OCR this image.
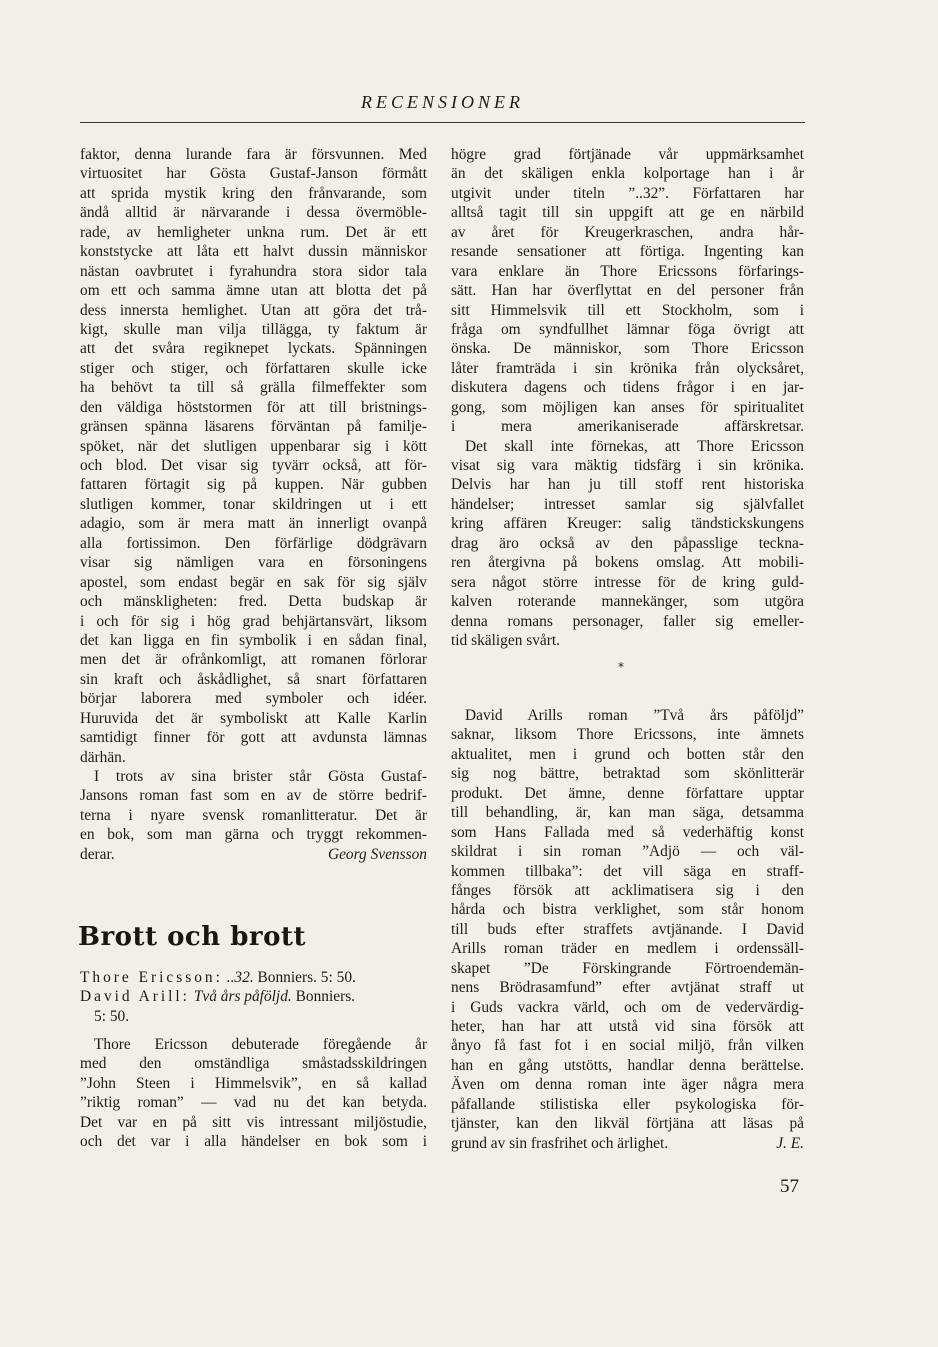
RECENSIONER
faktor, denna lurande fara är försvunnen. Med
virtuositet har Gösta Gustaf-Janson förmått
att sprida mystik kring den frånvarande, som
ändå alltid är närvarande i dessa övermöble-
rade, av hemligheter unkna rum. Det är ett
konststycke att låta ett halvt dussin människor
nästan oavbrutet i fyrahundra stora sidor tala
om ett och samma ämne utan att blotta det på
dess innersta hemlighet. Utan att göra det trå-
kigt, skulle man vilja tillägga, ty faktum är
att det svåra regiknepet lyckats. Spänningen
stiger och stiger, och författaren skulle icke
ha behövt ta till så grälla filmeffekter som
den väldiga höststormen för att till bristnings-
gränsen spänna läsarens förväntan på familje-
spöket, när det slutligen uppenbarar sig i kött
och blod. Det visar sig tyvärr också, att för-
fattaren förtagit sig på kuppen. När gubben
slutligen kommer, tonar skildringen ut i ett
adagio, som är mera matt än innerligt ovanpå
alla fortissimon. Den förfärlige dödgrävarn
visar sig nämligen vara en försoningens
apostel, som endast begär en sak för sig själv
och mänskligheten: fred. Detta budskap är
i och för sig i hög grad behjärtansvärt, liksom
det kan ligga en fin symbolik i en sådan final,
men det är ofrånkomligt, att romanen förlorar
sin kraft och åskådlighet, så snart författaren
börjar laborera med symboler och idéer.
Huruvida det är symboliskt att Kalle Karlin
samtidigt finner för gott att avdunsta lämnas
därhän.
I trots av sina brister står Gösta Gustaf-
Jansons roman fast som en av de större bedrif-
terna i nyare svensk romanlitteratur. Det är
en bok, som man gärna och tryggt rekommen-
derar.	Georg Svensson
Brott och brott
Thore Ericsson: ..32. Bonniers. 5: 50.
David Arill: Två års påföljd. Bonniers.
5: 50.
Thore Ericsson debuterade föregående år
med den omständliga småstadsskildringen
”John Steen i Himmelsvik”, en så kallad
”riktig roman” — vad nu det kan betyda.
Det var en på sitt vis intressant miljöstudie,
och det var i alla händelser en bok som i
högre grad förtjänade vår uppmärksamhet
än det skäligen enkla kolportage han i år
utgivit under titeln ”..32”. Författaren har
alltså tagit till sin uppgift att ge en närbild
av året för Kreugerkraschen, andra hår-
resande sensationer att förtiga. Ingenting kan
vara enklare än Thore Ericssons förfarings-
sätt. Han har överflyttat en del personer från
sitt Himmelsvik till ett Stockholm, som i
fråga om syndfullhet lämnar föga övrigt att
önska. De människor, som Thore Ericsson
låter framträda i sin krönika från olycksåret,
diskutera dagens och tidens frågor i en jar-
gong, som möjligen kan anses för spiritualitet
i mera amerikaniserade affärskretsar.
Det skall inte förnekas, att Thore Ericsson
visat sig vara mäktig tidsfärg i sin krönika.
Delvis har han ju till stoff rent historiska
händelser; intresset samlar sig självfallet
kring affären Kreuger: salig tändstickskungens
drag äro också av den påpasslige teckna-
ren återgivna på bokens omslag. Att mobili-
sera något större intresse för de kring guld-
kalven roterande mannekänger, som utgöra
denna romans personager, faller sig emeller-
tid skäligen svårt.
*
David Arills roman ”Två års påföljd”
saknar, liksom Thore Ericssons, inte ämnets
aktualitet, men i grund och botten står den
sig nog bättre, betraktad som skönlitterär
produkt. Det ämne, denne författare upptar
till behandling, är, kan man säga, detsamma
som Hans Fallada med så vederhäftig konst
skildrat i sin roman ”Adjö — och väl-
kommen tillbaka”: det vill säga en straff-
fånges försök att acklimatisera sig i den
hårda och bistra verklighet, som står honom
till buds efter straffets avtjänande. I David
Arills roman träder en medlem i ordenssäll-
skapet ”De Förskingrande Förtroendemän-
nens Brödrasamfund” efter avtjänat straff ut
i Guds vackra värld, och om de vedervärdig-
heter, han har att utstå vid sina försök att
ånyo få fast fot i en social miljö, från vilken
han en gång utstötts, handlar denna berättelse.
Även om denna roman inte äger några mera
påfallande stilistiska eller psykologiska för-
tjänster, kan den likväl förtjäna att läsas på
grund av sin frasfrihet och ärlighet.	J. E.
57
